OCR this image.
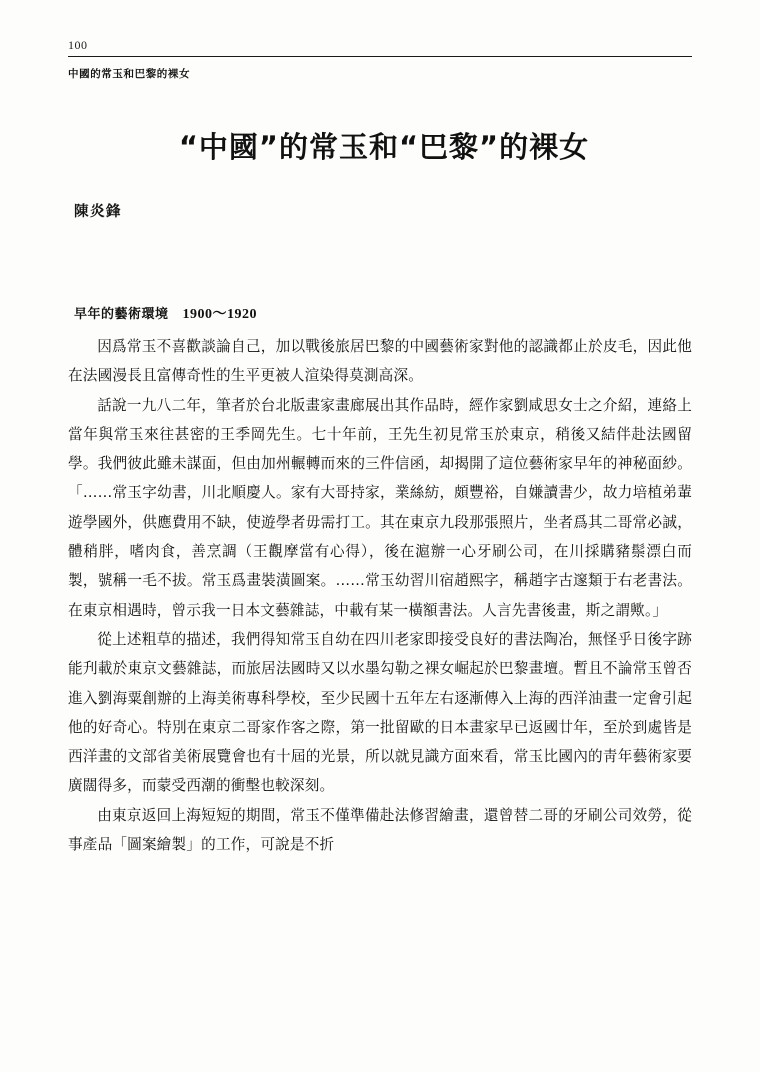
100
中國的常玉和巴黎的裸女
“中國”的常玉和“巴黎”的裸女
陳炎鋒
早年的藝術環境 1900～1920

因爲常玉不喜歡談論自己，加以戰後旅居巴黎的中國藝術家對他的認識都止於皮毛，因此他在法國漫長且富傳奇性的生平更被人渲染得莫測高深。

話說一九八二年，筆者於台北版畫家畫廊展出其作品時，經作家劉咸思女士之介紹，連絡上當年與常玉來往甚密的王季岡先生。七十年前，王先生初見常玉於東京，稍後又結伴赴法國留學。我們彼此雖未謀面，但由加州輾轉而來的三件信函，却揭開了這位藝術家早年的神秘面紗。「……常玉字幼書，川北順慶人。家有大哥持家，業絲紡，頗豐裕，自嫌讀書少，故力培植弟輩遊學國外，供應費用不缺，使遊學者毋需打工。其在東京九段那張照片，坐者爲其二哥常必誠，體稍胖，嗜肉食，善烹調（王觀摩當有心得），後在滬辦一心牙刷公司，在川採購豬鬃漂白而製，號稱一毛不拔。常玉爲畫裝潢圖案。……常玉幼習川宿趙熙字，稱趙字古邃類于右老書法。在東京相遇時，曾示我一日本文藝雜誌，中載有某一橫額書法。人言先書後畫，斯之謂歟。」

從上述粗草的描述，我們得知常玉自幼在四川老家即接受良好的書法陶冶，無怪乎日後字跡能刋載於東京文藝雜誌，而旅居法國時又以水墨勾勒之裸女崛起於巴黎畫壇。暫且不論常玉曾否進入劉海粟創辦的上海美術專科學校，至少民國十五年左右逐漸傳入上海的西洋油畫一定會引起他的好奇心。特別在東京二哥家作客之際，第一批留歐的日本畫家早已返國廿年，至於到處皆是西洋畫的文部省美術展覽會也有十屆的光景，所以就見識方面來看，常玉比國內的靑年藝術家要廣闊得多，而蒙受西潮的衝墼也較深刻。

由東京返回上海短短的期間，常玉不僅準備赴法修習繪畫，還曾替二哥的牙刷公司效勞，從事產品「圖案繪製」的工作，可說是不折
